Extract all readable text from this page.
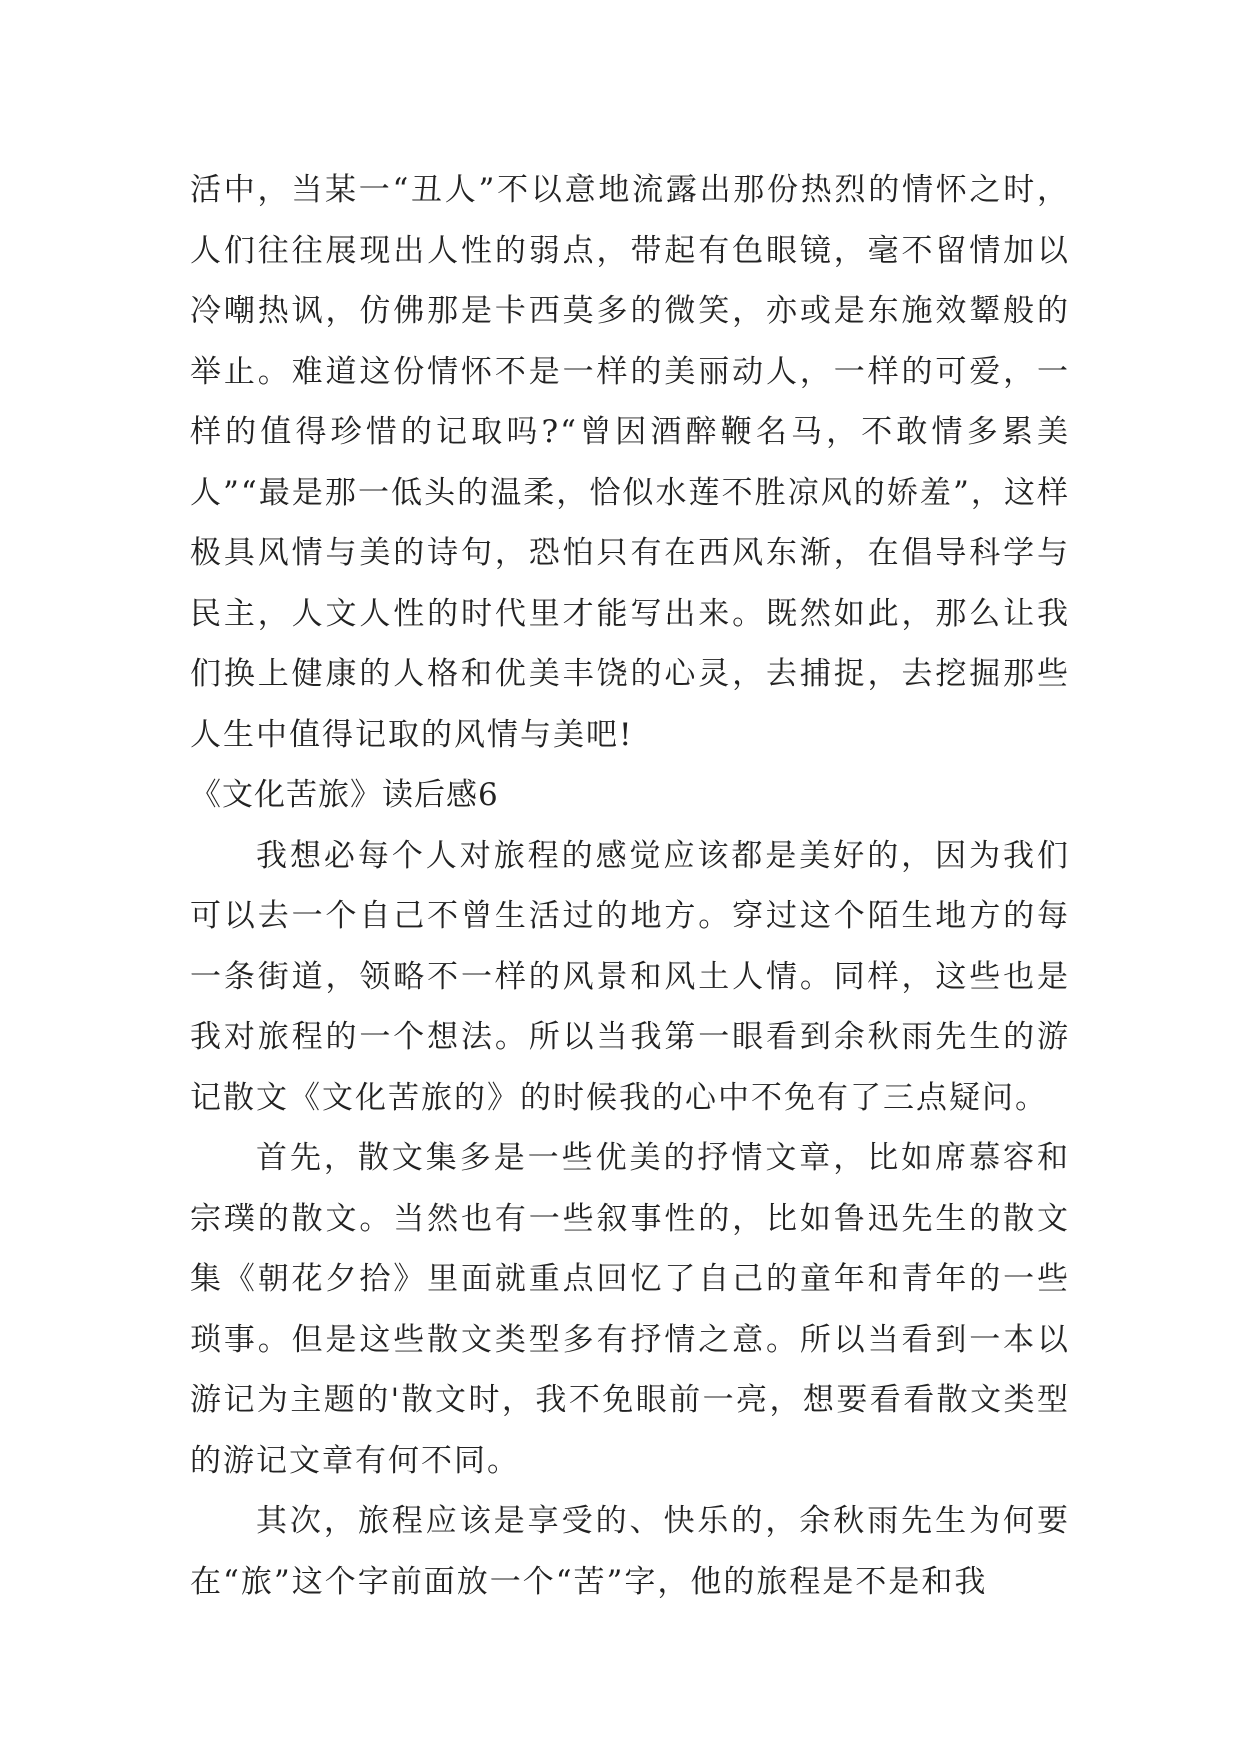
活中，当某一“丑人”不以意地流露出那份热烈的情怀之时，人们往往展现出人性的弱点，带起有色眼镜，毫不留情加以冷嘲热讽，仿佛那是卡西莫多的微笑，亦或是东施效颦般的举止。难道这份情怀不是一样的美丽动人，一样的可爱，一样的值得珍惜的记取吗?“曾因酒醉鞭名马，不敢情多累美人”“最是那一低头的温柔，恰似水莲不胜凉风的娇羞”，这样极具风情与美的诗句，恐怕只有在西风东渐，在倡导科学与民主，人文人性的时代里才能写出来。既然如此，那么让我们换上健康的人格和优美丰饶的心灵，去捕捉，去挖掘那些人生中值得记取的风情与美吧!

《文化苦旅》读后感6

我想必每个人对旅程的感觉应该都是美好的，因为我们可以去一个自己不曾生活过的地方。穿过这个陌生地方的每一条街道，领略不一样的风景和风土人情。同样，这些也是我对旅程的一个想法。所以当我第一眼看到余秋雨先生的游记散文《文化苦旅的》的时候我的心中不免有了三点疑问。

首先，散文集多是一些优美的抒情文章，比如席慕容和宗璞的散文。当然也有一些叙事性的，比如鲁迅先生的散文集《朝花夕拾》里面就重点回忆了自己的童年和青年的一些琐事。但是这些散文类型多有抒情之意。所以当看到一本以游记为主题的'散文时，我不免眼前一亮，想要看看散文类型的游记文章有何不同。

其次，旅程应该是享受的、快乐的，余秋雨先生为何要在“旅”这个字前面放一个“苦”字，他的旅程是不是和我
